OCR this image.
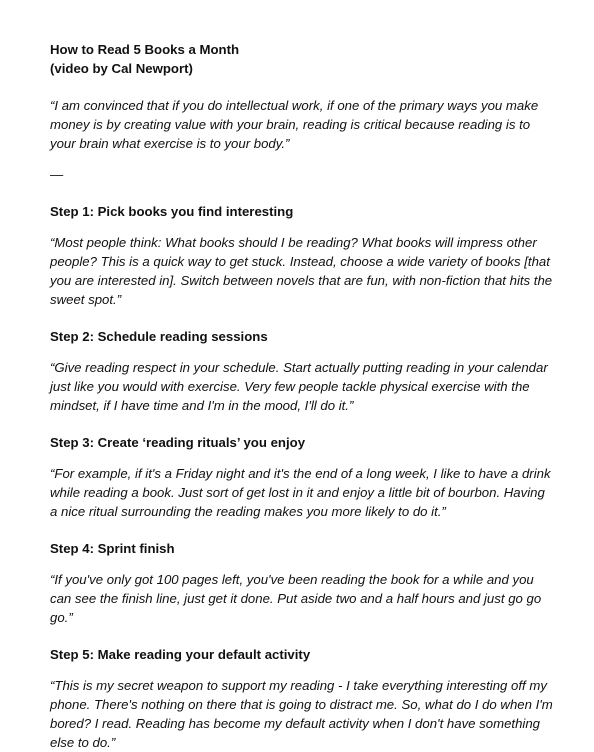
How to Read 5 Books a Month
(video by Cal Newport)
“I am convinced that if you do intellectual work, if one of the primary ways you make money is by creating value with your brain, reading is critical because reading is to your brain what exercise is to your body.”
—
Step 1: Pick books you find interesting
“Most people think: What books should I be reading? What books will impress other people? This is a quick way to get stuck. Instead, choose a wide variety of books [that you are interested in]. Switch between novels that are fun, with non-fiction that hits the sweet spot.”
Step 2: Schedule reading sessions
“Give reading respect in your schedule. Start actually putting reading in your calendar just like you would with exercise. Very few people tackle physical exercise with the mindset, if I have time and I'm in the mood, I'll do it.”
Step 3: Create ‘reading rituals’ you enjoy
“For example, if it's a Friday night and it's the end of a long week, I like to have a drink while reading a book. Just sort of get lost in it and enjoy a little bit of bourbon. Having a nice ritual surrounding the reading makes you more likely to do it.”
Step 4: Sprint finish
“If you've only got 100 pages left, you've been reading the book for a while and you can see the finish line, just get it done. Put aside two and a half hours and just go go go.”
Step 5: Make reading your default activity
“This is my secret weapon to support my reading - I take everything interesting off my phone. There's nothing on there that is going to distract me. So, what do I do when I'm bored? I read. Reading has become my default activity when I don't have something else to do.”
